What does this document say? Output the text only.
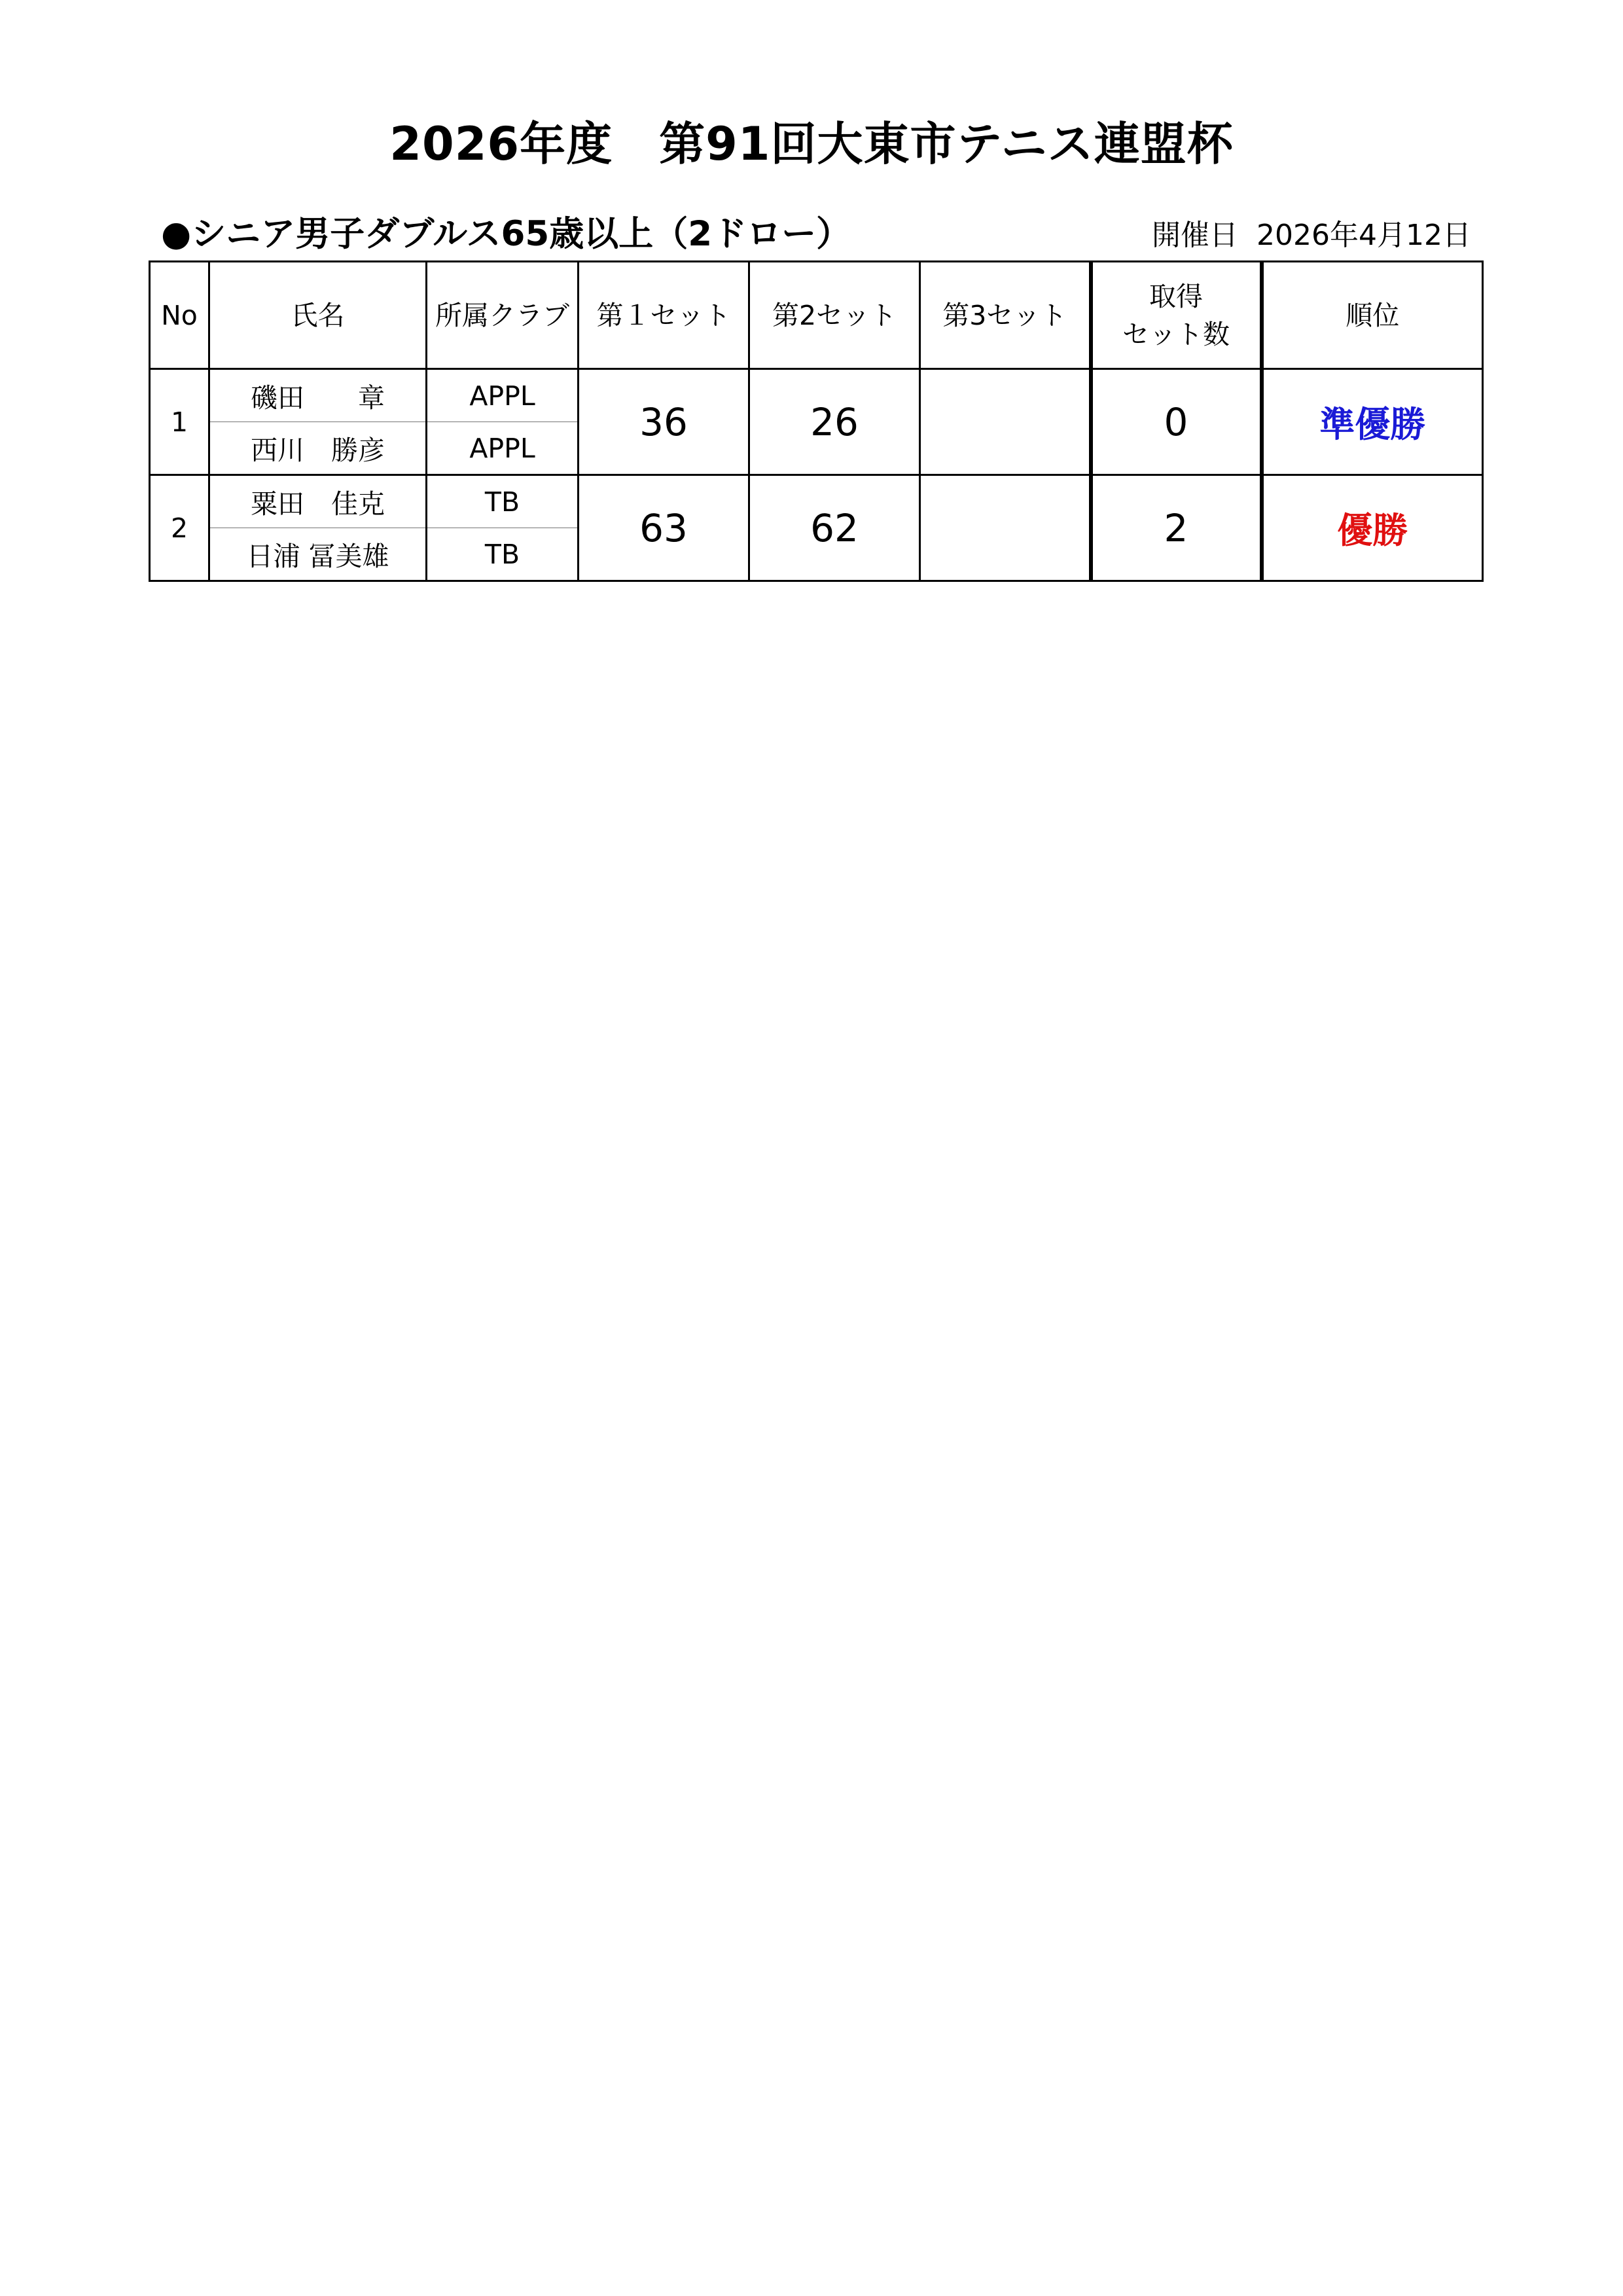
2026年度　第91回大東市テニス連盟杯
●シニア男子ダブルス65歳以上（2ドロー）	開催日 2026年4月12日
No	氏名	所属クラブ	第１セット	第2セット	第3セット	取得
セット数	順位
1	磯田　　章	APPL	36	26		0	準優勝
	西川　勝彦	APPL					
2	粟田　佳克	TB	63	62		2	優勝
	日浦 冨美雄	TB					
